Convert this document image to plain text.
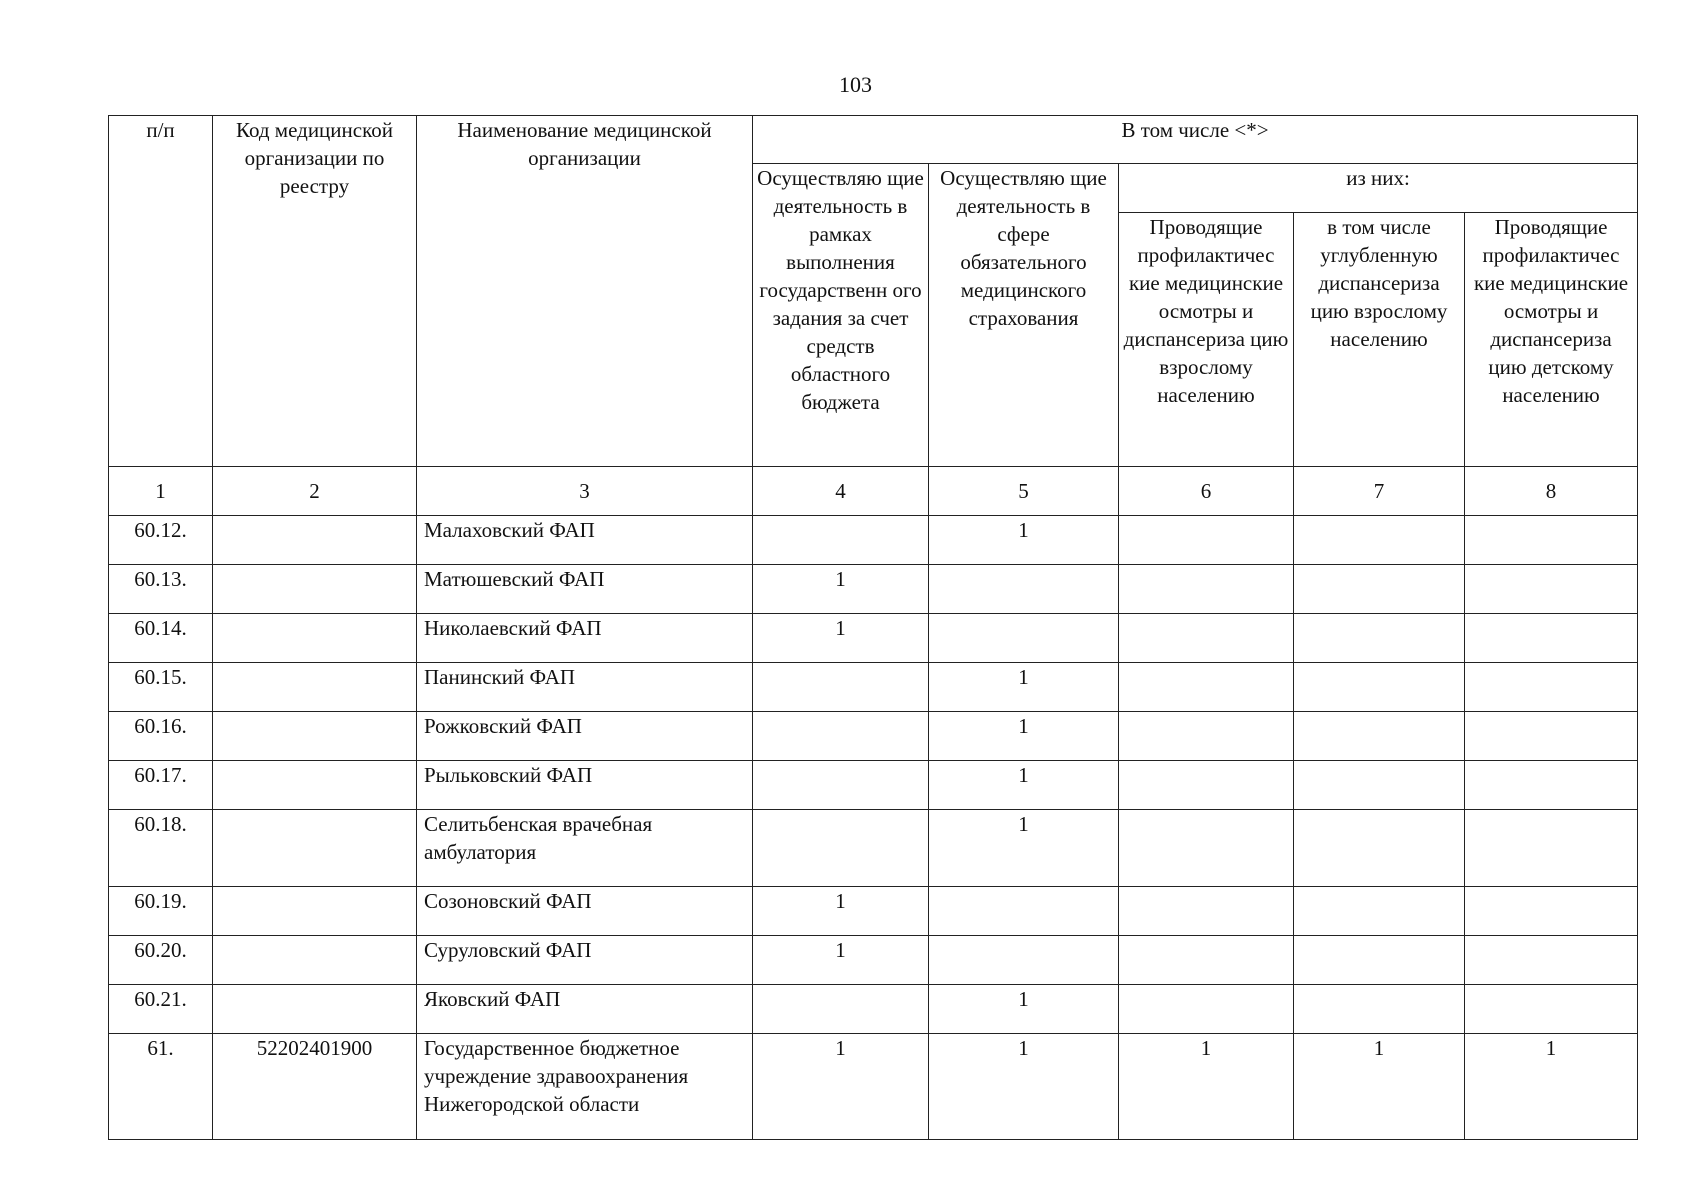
103
п/п	Код медицинской организации по реестру	Наименование медицинской организации	В том числе <*>				
			Осуществляю щие деятельность в рамках выполнения государственн ого задания за счет средств областного бюджета	Осуществляю щие деятельность в сфере обязательного медицинского страхования	из них:		
					Проводящие профилактичес кие медицинские осмотры и диспансериза цию взрослому населению	в том числе углубленную диспансериза цию взрослому населению	Проводящие профилактичес кие медицинские осмотры и диспансериза цию детскому населению
1	2	3	4	5	6	7	8
60.12.		Малаховский ФАП		1			
60.13.		Матюшевский ФАП	1				
60.14.		Николаевский ФАП	1				
60.15.		Панинский ФАП		1			
60.16.		Рожковский ФАП		1			
60.17.		Рыльковский ФАП		1			
60.18.		Селитьбенская врачебная амбулатория		1			
60.19.		Созоновский ФАП	1				
60.20.		Суруловский ФАП	1				
60.21.		Яковский ФАП		1			
61.	52202401900	Государственное бюджетное учреждение здравоохранения Нижегородской области	1	1	1	1	1
